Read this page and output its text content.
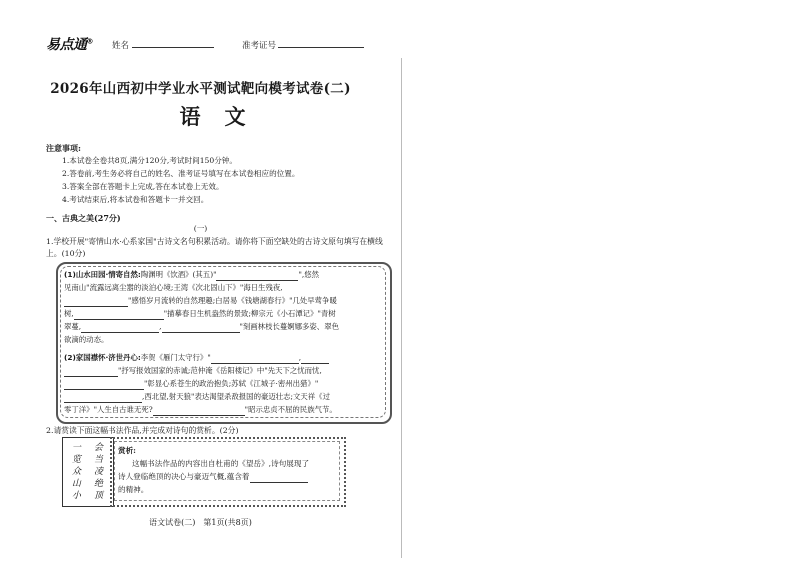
易点通® 姓名	准考证号
2026年山西初中学业水平测试靶向模考试卷(二)
语文
注意事项:
1.本试卷全卷共8页,满分120分,考试时间150分钟。
2.答卷前,考生务必将自己的姓名、准考证号填写在本试卷相应的位置。
3.答案全部在答题卡上完成,答在本试卷上无效。
4.考试结束后,将本试卷和答题卡一并交回。
一、古典之美(27分)
(一)
1.学校开展"寄情山水·心系家国"古诗文名句积累活动。请你将下面空缺处的古诗文原句填写在横线上。(10分)
(1)山水田园·情寄自然:陶渊明《饮酒》(其五)"	",悠然
见南山"流露远离尘嚣的淡泊心境;王湾《次北固山下》"海日生残夜,
"感悟岁月流转的自然理趣;白居易《钱塘湖春行》"几处早莺争暖
树,	"描摹春日生机盎然的景致;柳宗元《小石潭记》"青树
翠蔓,	,	"刻画林枝长蔓婀娜多姿、翠色
欲滴的动态。
(2)家国襟怀·济世丹心:李贺《雁门太守行》"	,
"抒写报效国家的赤诚;范仲淹《岳阳楼记》中"先天下之忧而忧,
"彰显心系苍生的政治抱负;苏轼《江城子·密州出猎》"
,西北望,射天狼"表达渴望杀敌报国的豪迈壮志;文天祥《过
零丁洋》"人生自古谁无死?	"昭示忠贞不屈的民族气节。
2.请赏读下面这幅书法作品,并完成对诗句的赏析。(2分)
会当凌绝顶
一览众山小
赏析:
这幅书法作品的内容出自杜甫的《望岳》,诗句展现了
诗人登临绝顶的决心与豪迈气概,蕴含着
的精神。
语文试卷(二)　第1页(共8页)
